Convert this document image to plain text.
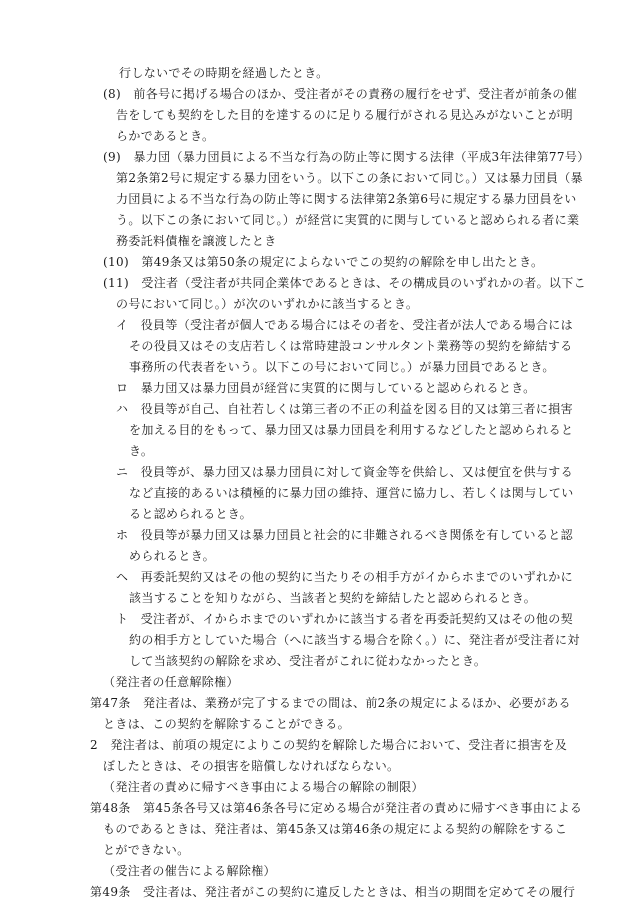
行しないでその時期を経過したとき。
(8)　前各号に掲げる場合のほか、受注者がその責務の履行をせず、受注者が前条の催
告をしても契約をした目的を達するのに足りる履行がされる見込みがないことが明
らかであるとき。
(9)　暴力団（暴力団員による不当な行為の防止等に関する法律（平成3年法律第77号）
第2条第2号に規定する暴力団をいう。以下この条において同じ。）又は暴力団員（暴
力団員による不当な行為の防止等に関する法律第2条第6号に規定する暴力団員をい
う。以下この条において同じ。）が経営に実質的に関与していると認められる者に業
務委託料債権を譲渡したとき
(10)　第49条又は第50条の規定によらないでこの契約の解除を申し出たとき。
(11)　受注者（受注者が共同企業体であるときは、その構成員のいずれかの者。以下こ
の号において同じ。）が次のいずれかに該当するとき。
イ　役員等（受注者が個人である場合にはその者を、受注者が法人である場合には
その役員又はその支店若しくは常時建設コンサルタント業務等の契約を締結する
事務所の代表者をいう。以下この号において同じ。）が暴力団員であるとき。
ロ　暴力団又は暴力団員が経営に実質的に関与していると認められるとき。
ハ　役員等が自己、自社若しくは第三者の不正の利益を図る目的又は第三者に損害
を加える目的をもって、暴力団又は暴力団員を利用するなどしたと認められると
き。
ニ　役員等が、暴力団又は暴力団員に対して資金等を供給し、又は便宜を供与する
など直接的あるいは積極的に暴力団の維持、運営に協力し、若しくは関与してい
ると認められるとき。
ホ　役員等が暴力団又は暴力団員と社会的に非難されるべき関係を有していると認
められるとき。
ヘ　再委託契約又はその他の契約に当たりその相手方がイからホまでのいずれかに
該当することを知りながら、当該者と契約を締結したと認められるとき。
ト　受注者が、イからホまでのいずれかに該当する者を再委託契約又はその他の契
約の相手方としていた場合（へに該当する場合を除く。）に、発注者が受注者に対
して当該契約の解除を求め、受注者がこれに従わなかったとき。
（発注者の任意解除権）
第47条　発注者は、業務が完了するまでの間は、前2条の規定によるほか、必要がある
ときは、この契約を解除することができる。
2　発注者は、前項の規定によりこの契約を解除した場合において、受注者に損害を及
ぼしたときは、その損害を賠償しなければならない。
（発注者の責めに帰すべき事由による場合の解除の制限）
第48条　第45条各号又は第46条各号に定める場合が発注者の責めに帰すべき事由による
ものであるときは、発注者は、第45条又は第46条の規定による契約の解除をするこ
とができない。
（受注者の催告による解除権）
第49条　受注者は、発注者がこの契約に違反したときは、相当の期間を定めてその履行
